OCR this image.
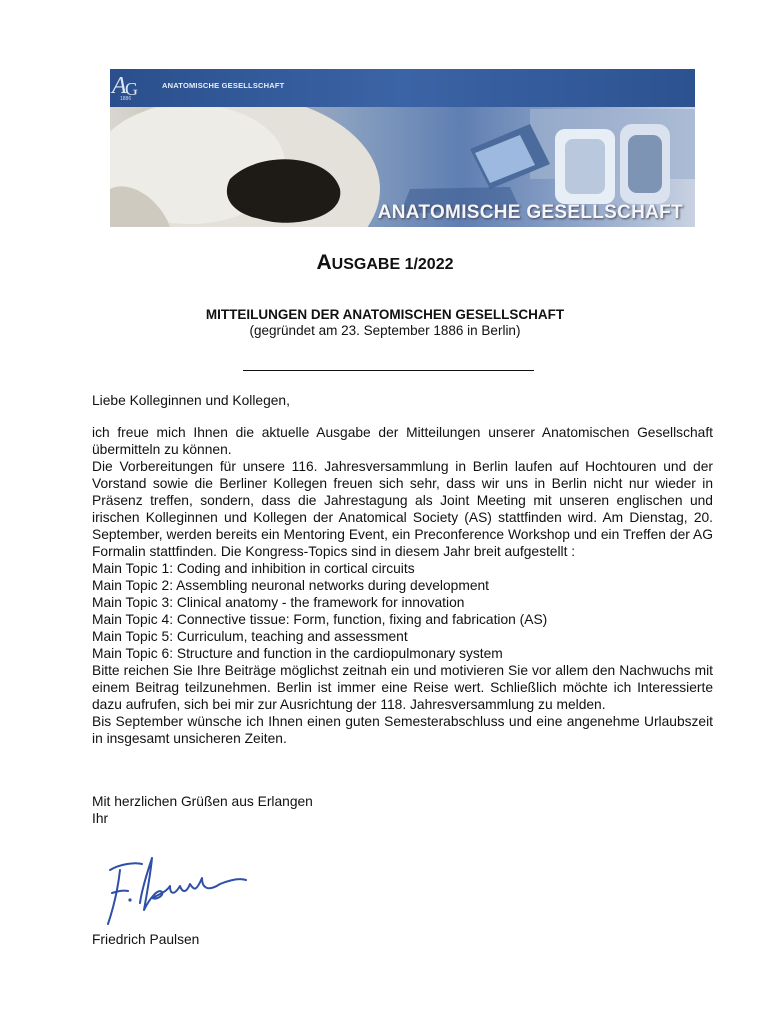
A
G	ANATOMISCHE GESELLSCHAFT
1886
ANATOMISCHE GESELLSCHAFT
AUSGABE 1/2022
MITTEILUNGEN DER ANATOMISCHEN GESELLSCHAFT
(gegründet am 23. September 1886 in Berlin)
Liebe Kolleginnen und Kollegen,

ich freue mich Ihnen die aktuelle Ausgabe der Mitteilungen unserer Anatomischen Gesellschaft übermitteln zu können.

Die Vorbereitungen für unsere 116. Jahresversammlung in Berlin laufen auf Hochtouren und der Vorstand sowie die Berliner Kollegen freuen sich sehr, dass wir uns in Berlin nicht nur wieder in Präsenz treffen, sondern, dass die Jahrestagung als Joint Meeting mit unseren englischen und irischen Kolleginnen und Kollegen der Anatomical Society (AS) stattfinden wird. Am Dienstag, 20. September, werden bereits ein Mentoring Event, ein Preconference Workshop und ein Treffen der AG Formalin stattfinden. Die Kongress-Topics sind in diesem Jahr breit aufgestellt :

Main Topic 1: Coding and inhibition in cortical circuits
Main Topic 2: Assembling neuronal networks during development
Main Topic 3: Clinical anatomy - the framework for innovation
Main Topic 4: Connective tissue: Form, function, fixing and fabrication (AS)
Main Topic 5: Curriculum, teaching and assessment
Main Topic 6: Structure and function in the cardiopulmonary system

Bitte reichen Sie Ihre Beiträge möglichst zeitnah ein und motivieren Sie vor allem den Nachwuchs mit einem Beitrag teilzunehmen. Berlin ist immer eine Reise wert. Schließlich möchte ich Interessierte dazu aufrufen, sich bei mir zur Ausrichtung der 118. Jahresversammlung zu melden.

Bis September wünsche ich Ihnen einen guten Semesterabschluss und eine angenehme Urlaubszeit in insgesamt unsicheren Zeiten.

Mit herzlichen Grüßen aus Erlangen
Ihr
Friedrich Paulsen
